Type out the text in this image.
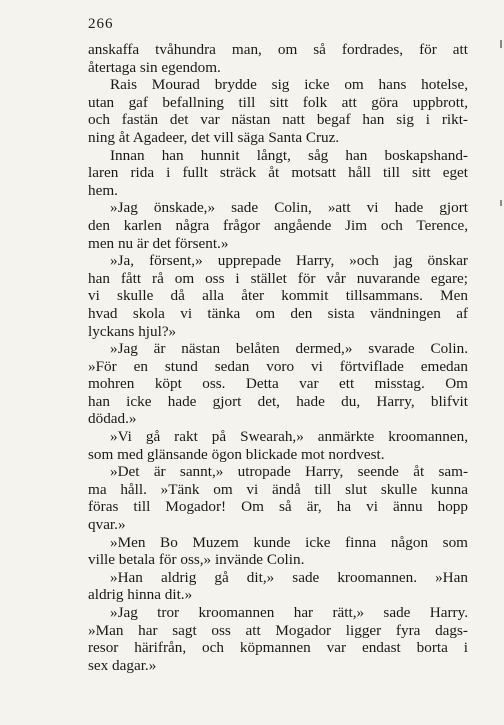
266
anskaffa tvåhundra man, om så fordrades, för att
återtaga sin egendom.
Rais Mourad brydde sig icke om hans hotelse,
utan gaf befallning till sitt folk att göra uppbrott,
och fastän det var nästan natt begaf han sig i rikt-
ning åt Agadeer, det vill säga Santa Cruz.
Innan han hunnit långt, såg han boskapshand-
laren rida i fullt sträck åt motsatt håll till sitt eget
hem.
»Jag önskade,» sade Colin, »att vi hade gjort
den karlen några frågor angående Jim och Terence,
men nu är det försent.»
»Ja, försent,» upprepade Harry, »och jag önskar
han fått rå om oss i stället för vår nuvarande egare;
vi skulle då alla åter kommit tillsammans. Men
hvad skola vi tänka om den sista vändningen af
lyckans hjul?»
»Jag är nästan belåten dermed,» svarade Colin.
»För en stund sedan voro vi förtviflade emedan
mohren köpt oss. Detta var ett misstag. Om
han icke hade gjort det, hade du, Harry, blifvit
dödad.»
»Vi gå rakt på Swearah,» anmärkte kroomannen,
som med glänsande ögon blickade mot nordvest.
»Det är sannt,» utropade Harry, seende åt sam-
ma håll. »Tänk om vi ändå till slut skulle kunna
föras till Mogador! Om så är, ha vi ännu hopp
qvar.»
»Men Bo Muzem kunde icke finna någon som
ville betala för oss,» invände Colin.
»Han aldrig gå dit,» sade kroomannen. »Han
aldrig hinna dit.»
»Jag tror kroomannen har rätt,» sade Harry.
»Man har sagt oss att Mogador ligger fyra dags-
resor härifrån, och köpmannen var endast borta i
sex dagar.»
